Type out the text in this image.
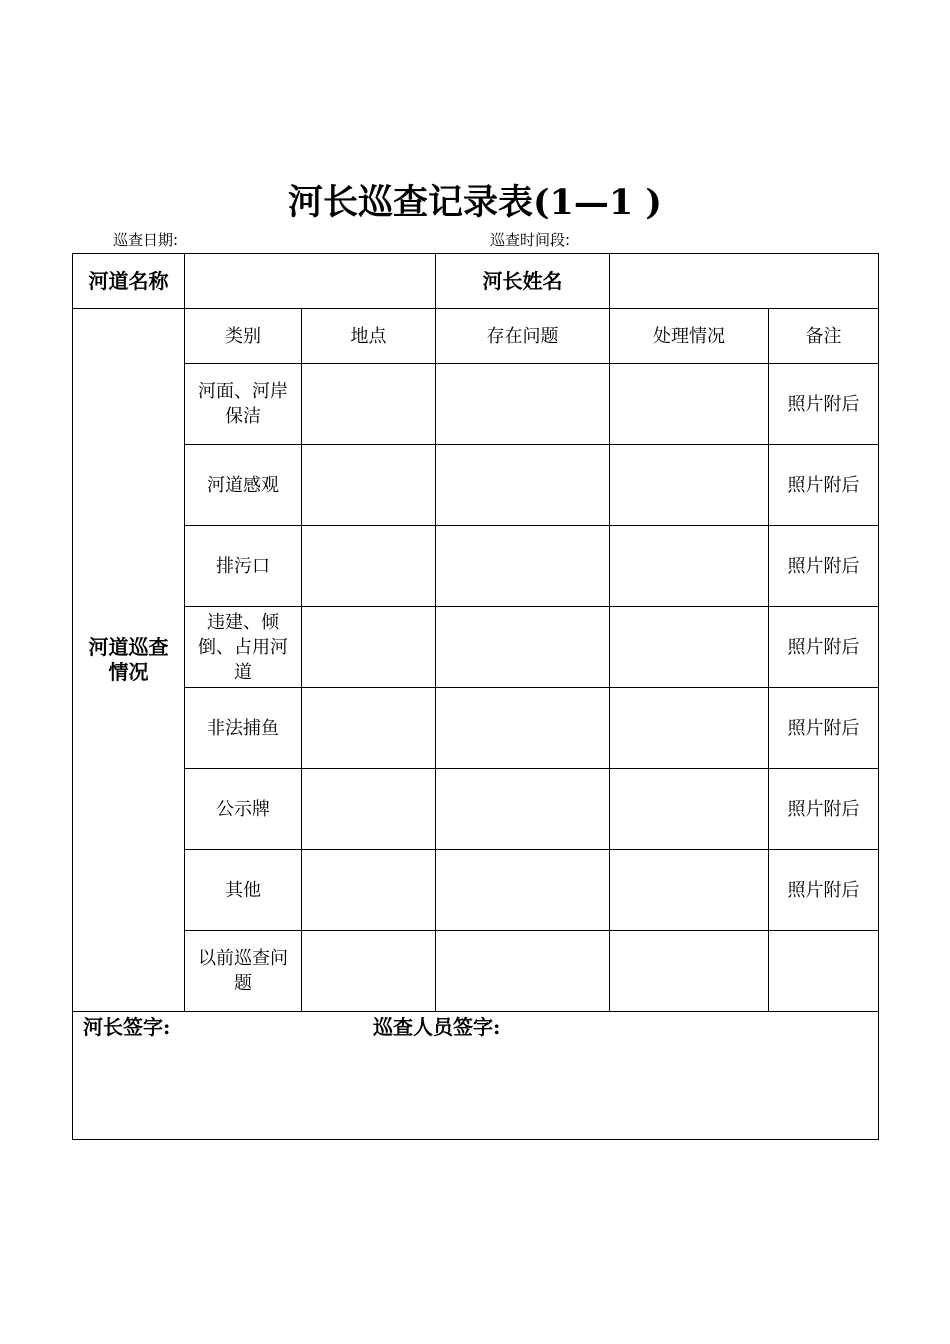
河长巡查记录表(1—1 )
巡查日期:	巡查时间段:
河道名称			河长姓名		
河道巡查情况	类别	地点	存在问题	处理情况	备注
	河面、河岸保洁				照片附后
	河道感观				照片附后
	排污口				照片附后
	违建、倾倒、占用河道				照片附后
	非法捕鱼				照片附后
	公示牌				照片附后
	其他				照片附后
	以前巡查问题				

河长签字: 巡查人员签字:					
